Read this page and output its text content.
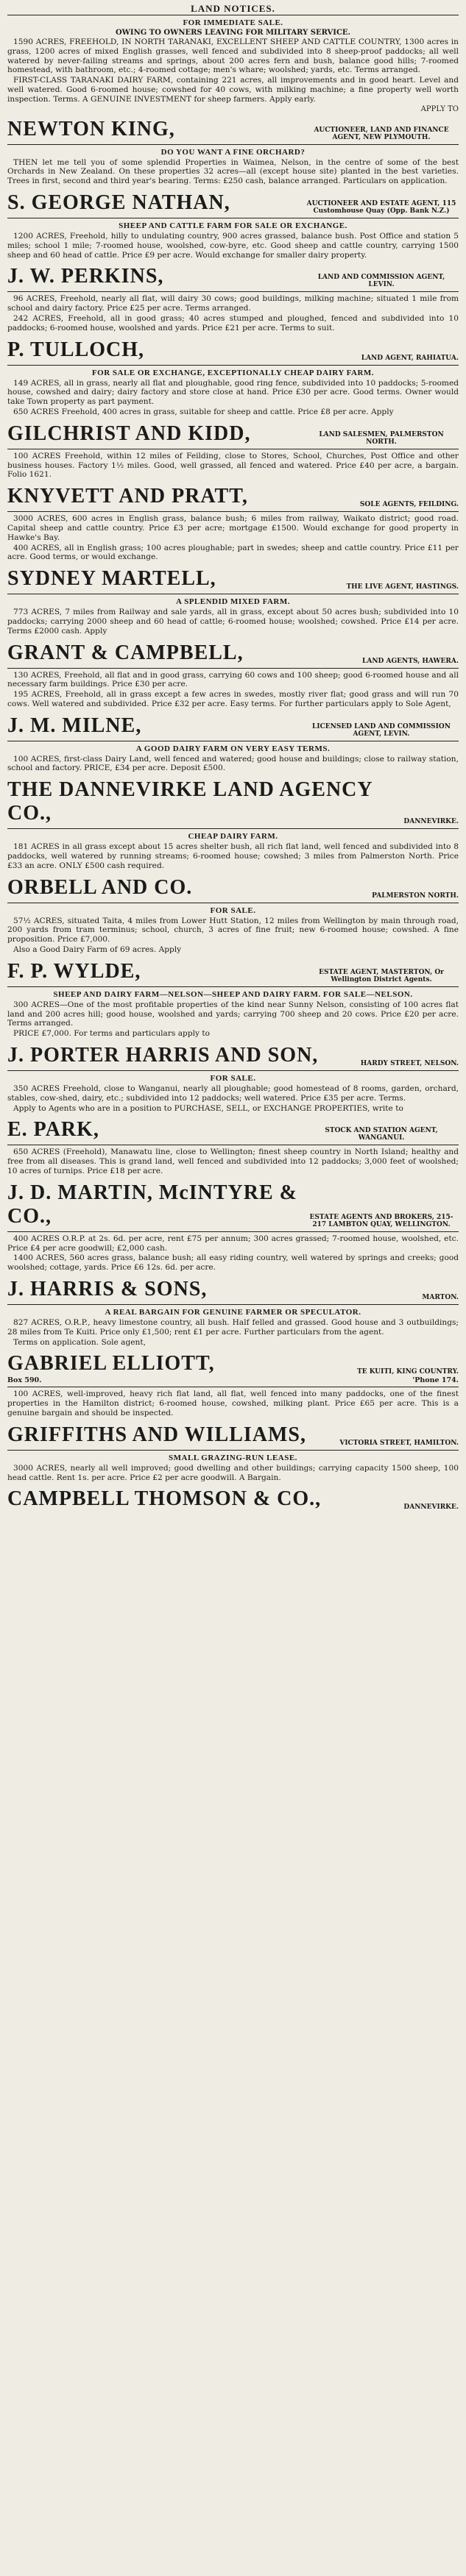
LAND NOTICES.
FOR IMMEDIATE SALE.
OWING TO OWNERS LEAVING FOR MILITARY SERVICE.

1590 ACRES, FREEHOLD, IN NORTH TARANAKI, EXCELLENT SHEEP AND CATTLE COUNTRY, 1300 acres in grass, 1200 acres of mixed English grasses, well fenced and subdivided into 8 sheep-proof paddocks; all well watered by never-failing streams and springs, about 200 acres fern and bush, balance good hills; 7-roomed homestead, with bathroom, etc.; 4-roomed cottage; men's whare; woolshed; yards, etc. Terms arranged.

FIRST-CLASS TARANAKI DAIRY FARM, containing 221 acres, all improvements and in good heart. Level and well watered. Good 6-roomed house; cowshed for 40 cows, with milking machine; a fine property well worth inspection. Terms. A GENUINE INVESTMENT for sheep farmers. Apply early.

APPLY TO
NEWTON KING,	AUCTIONEER, LAND AND FINANCE AGENT, NEW PLYMOUTH.
DO YOU WANT A FINE ORCHARD?

THEN let me tell you of some splendid Properties in Waimea, Nelson, in the centre of some of the best Orchards in New Zealand. On these properties 32 acres—all (except house site) planted in the best varieties. Trees in first, second and third year's bearing. Terms: £250 cash, balance arranged. Particulars on application.

S. GEORGE NATHAN,	AUCTIONEER AND ESTATE AGENT, 115 Customhouse Quay (Opp. Bank N.Z.)
SHEEP AND CATTLE FARM FOR SALE OR EXCHANGE.

1200 ACRES, Freehold, hilly to undulating country, 900 acres grassed, balance bush. Post Office and station 5 miles; school 1 mile; 7-roomed house, woolshed, cow-byre, etc. Good sheep and cattle country, carrying 1500 sheep and 60 head of cattle. Price £9 per acre. Would exchange for smaller dairy property.

J. W. PERKINS,	LAND AND COMMISSION AGENT, LEVIN.

96 ACRES, Freehold, nearly all flat, will dairy 30 cows; good buildings, milking machine; situated 1 mile from school and dairy factory. Price £25 per acre. Terms arranged.

242 ACRES, Freehold, all in good grass; 40 acres stumped and ploughed, fenced and subdivided into 10 paddocks; 6-roomed house, woolshed and yards. Price £21 per acre. Terms to suit.

P. TULLOCH,	LAND AGENT, RAHIATUA.
FOR SALE OR EXCHANGE, EXCEPTIONALLY CHEAP DAIRY FARM.

149 ACRES, all in grass, nearly all flat and ploughable, good ring fence, subdivided into 10 paddocks; 5-roomed house, cowshed and dairy; dairy factory and store close at hand. Price £30 per acre. Good terms. Owner would take Town property as part payment.

650 ACRES Freehold, 400 acres in grass, suitable for sheep and cattle. Price £8 per acre. Apply

GILCHRIST AND KIDD,	LAND SALESMEN, PALMERSTON NORTH.

100 ACRES Freehold, within 12 miles of Feilding, close to Stores, School, Churches, Post Office and other business houses. Factory 1½ miles. Good, well grassed, all fenced and watered. Price £40 per acre, a bargain. Folio 1621.

KNYVETT AND PRATT,	SOLE AGENTS, FEILDING.

3000 ACRES, 600 acres in English grass, balance bush; 6 miles from railway, Waikato district; good road. Capital sheep and cattle country. Price £3 per acre; mortgage £1500. Would exchange for good property in Hawke's Bay.

400 ACRES, all in English grass; 100 acres ploughable; part in swedes; sheep and cattle country. Price £11 per acre. Good terms, or would exchange.

SYDNEY MARTELL,	THE LIVE AGENT, HASTINGS.
A SPLENDID MIXED FARM.

773 ACRES, 7 miles from Railway and sale yards, all in grass, except about 50 acres bush; subdivided into 10 paddocks; carrying 2000 sheep and 60 head of cattle; 6-roomed house; woolshed; cowshed. Price £14 per acre. Terms £2000 cash. Apply

GRANT & CAMPBELL,	LAND AGENTS, HAWERA.

130 ACRES, Freehold, all flat and in good grass, carrying 60 cows and 100 sheep; good 6-roomed house and all necessary farm buildings. Price £30 per acre.

195 ACRES, Freehold, all in grass except a few acres in swedes, mostly river flat; good grass and will run 70 cows. Well watered and subdivided. Price £32 per acre. Easy terms. For further particulars apply to Sole Agent,

J. M. MILNE,	LICENSED LAND AND COMMISSION AGENT, LEVIN.
A GOOD DAIRY FARM ON VERY EASY TERMS.

100 ACRES, first-class Dairy Land, well fenced and watered; good house and buildings; close to railway station, school and factory. PRICE, £34 per acre. Deposit £500.

THE DANNEVIRKE LAND AGENCY CO.,	DANNEVIRKE.
CHEAP DAIRY FARM.

181 ACRES in all grass except about 15 acres shelter bush, all rich flat land, well fenced and subdivided into 8 paddocks, well watered by running streams; 6-roomed house; cowshed; 3 miles from Palmerston North. Price £33 an acre. ONLY £500 cash required.

ORBELL AND CO.	PALMERSTON NORTH.
FOR SALE.

57½ ACRES, situated Taita, 4 miles from Lower Hutt Station, 12 miles from Wellington by main through road, 200 yards from tram terminus; school, church, 3 acres of fine fruit; new 6-roomed house; cowshed. A fine proposition. Price £7,000.

Also a Good Dairy Farm of 69 acres. Apply

F. P. WYLDE,	ESTATE AGENT, MASTERTON, Or Wellington District Agents.
SHEEP AND DAIRY FARM—NELSON—SHEEP AND DAIRY FARM. FOR SALE—NELSON.

300 ACRES—One of the most profitable properties of the kind near Sunny Nelson, consisting of 100 acres flat land and 200 acres hill; good house, woolshed and yards; carrying 700 sheep and 20 cows. Price £20 per acre. Terms arranged.

PRICE £7,000. For terms and particulars apply to

J. PORTER HARRIS AND SON,	HARDY STREET, NELSON.
FOR SALE.

350 ACRES Freehold, close to Wanganui, nearly all ploughable; good homestead of 8 rooms, garden, orchard, stables, cow-shed, dairy, etc.; subdivided into 12 paddocks; well watered. Price £35 per acre. Terms.

Apply to Agents who are in a position to PURCHASE, SELL, or EXCHANGE PROPERTIES, write to

E. PARK,	STOCK AND STATION AGENT, WANGANUI.

650 ACRES (Freehold), Manawatu line, close to Wellington; finest sheep country in North Island; healthy and free from all diseases. This is grand land, well fenced and subdivided into 12 paddocks; 3,000 feet of woolshed; 10 acres of turnips. Price £18 per acre.

J. D. MARTIN, McINTYRE & CO.,	ESTATE AGENTS AND BROKERS, 215-217 LAMBTON QUAY, WELLINGTON.

400 ACRES O.R.P. at 2s. 6d. per acre, rent £75 per annum; 300 acres grassed; 7-roomed house, woolshed, etc. Price £4 per acre goodwill; £2,000 cash.

1400 ACRES, 560 acres grass, balance bush; all easy riding country, well watered by springs and creeks; good woolshed; cottage, yards. Price £6 12s. 6d. per acre.

J. HARRIS & SONS,	MARTON.
A REAL BARGAIN FOR GENUINE FARMER OR SPECULATOR.

827 ACRES, O.R.P., heavy limestone country, all bush. Half felled and grassed. Good house and 3 outbuildings; 28 miles from Te Kuiti. Price only £1,500; rent £1 per acre. Further particulars from the agent.

Terms on application. Sole agent,

GABRIEL ELLIOTT,	TE KUITI, KING COUNTRY.
Box 590.	'Phone 174.

100 ACRES, well-improved, heavy rich flat land, all flat, well fenced into many paddocks, one of the finest properties in the Hamilton district; 6-roomed house, cowshed, milking plant. Price £65 per acre. This is a genuine bargain and should be inspected.

GRIFFITHS AND WILLIAMS,	VICTORIA STREET, HAMILTON.
SMALL GRAZING-RUN LEASE.

3000 ACRES, nearly all well improved; good dwelling and other buildings; carrying capacity 1500 sheep, 100 head cattle. Rent 1s. per acre. Price £2 per acre goodwill. A Bargain.

CAMPBELL THOMSON & CO.,	DANNEVIRKE.
